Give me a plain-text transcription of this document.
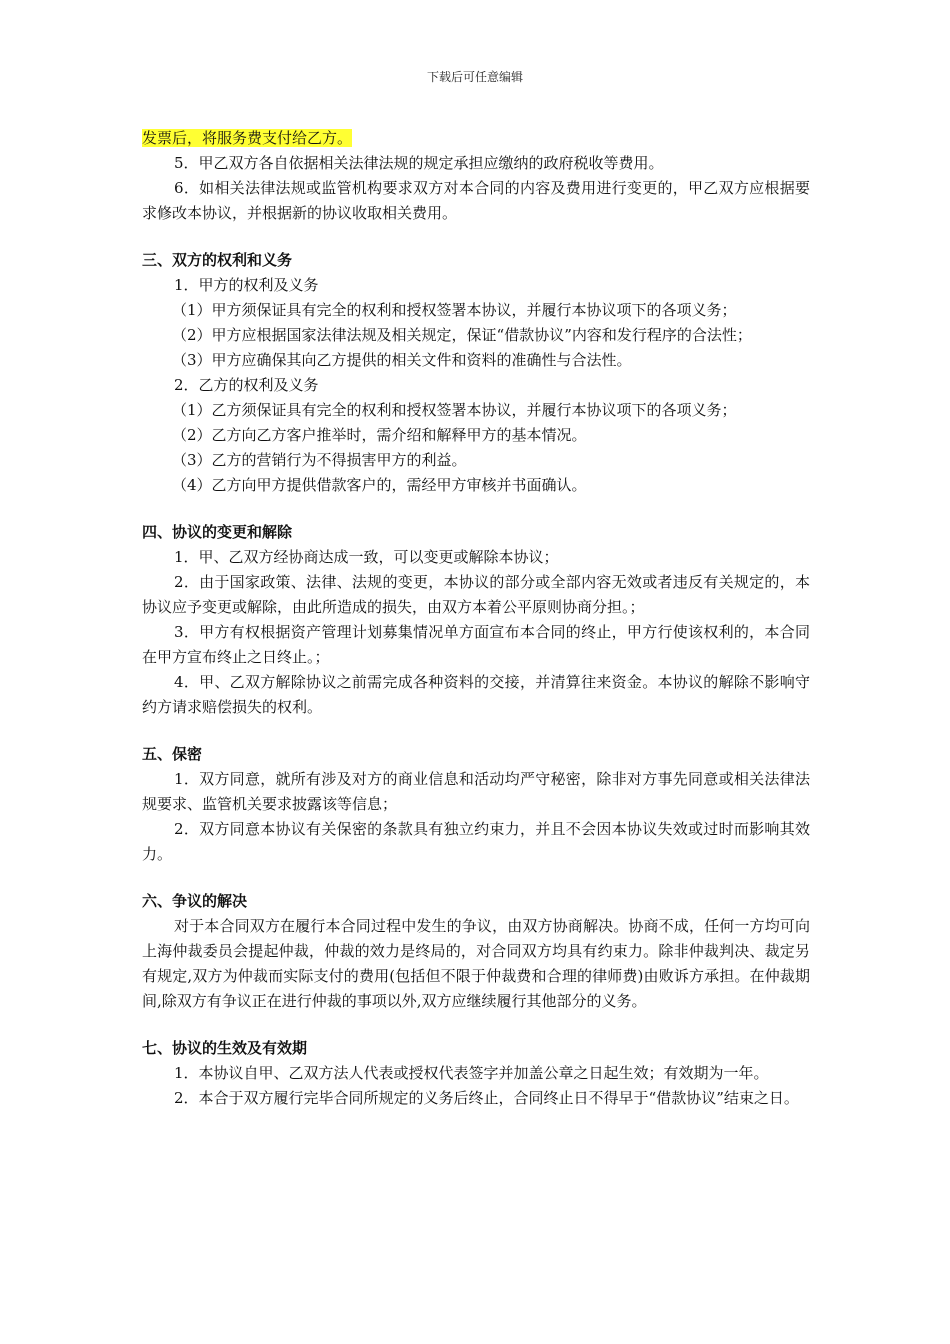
下载后可任意编辑
发票后，将服务费支付给乙方。
5．甲乙双方各自依据相关法律法规的规定承担应缴纳的政府税收等费用。
6．如相关法律法规或监管机构要求双方对本合同的内容及费用进行变更的，甲乙双方应根据要求修改本协议，并根据新的协议收取相关费用。
三、双方的权利和义务
1．甲方的权利及义务
（1）甲方须保证具有完全的权利和授权签署本协议，并履行本协议项下的各项义务；
（2）甲方应根据国家法律法规及相关规定，保证“借款协议”内容和发行程序的合法性；
（3）甲方应确保其向乙方提供的相关文件和资料的准确性与合法性。
2．乙方的权利及义务
（1）乙方须保证具有完全的权利和授权签署本协议，并履行本协议项下的各项义务；
（2）乙方向乙方客户推举时，需介绍和解释甲方的基本情况。
（3）乙方的营销行为不得损害甲方的利益。
（4）乙方向甲方提供借款客户的，需经甲方审核并书面确认。
四、协议的变更和解除
1．甲、乙双方经协商达成一致，可以变更或解除本协议；
2．由于国家政策、法律、法规的变更，本协议的部分或全部内容无效或者违反有关规定的，本协议应予变更或解除，由此所造成的损失，由双方本着公平原则协商分担。；
3．甲方有权根据资产管理计划募集情况单方面宣布本合同的终止，甲方行使该权利的，本合同在甲方宣布终止之日终止。；
4．甲、乙双方解除协议之前需完成各种资料的交接，并清算往来资金。本协议的解除不影响守约方请求赔偿损失的权利。
五、保密
1．双方同意，就所有涉及对方的商业信息和活动均严守秘密，除非对方事先同意或相关法律法规要求、监管机关要求披露该等信息；
2．双方同意本协议有关保密的条款具有独立约束力，并且不会因本协议失效或过时而影响其效力。
六、争议的解决
对于本合同双方在履行本合同过程中发生的争议，由双方协商解决。协商不成，任何一方均可向上海仲裁委员会提起仲裁，仲裁的效力是终局的，对合同双方均具有约束力。除非仲裁判决、裁定另有规定,双方为仲裁而实际支付的费用(包括但不限于仲裁费和合理的律师费)由败诉方承担。在仲裁期间,除双方有争议正在进行仲裁的事项以外,双方应继续履行其他部分的义务。
七、协议的生效及有效期
1．本协议自甲、乙双方法人代表或授权代表签字并加盖公章之日起生效；有效期为一年。
2．本合于双方履行完毕合同所规定的义务后终止，合同终止日不得早于“借款协议”结束之日。
